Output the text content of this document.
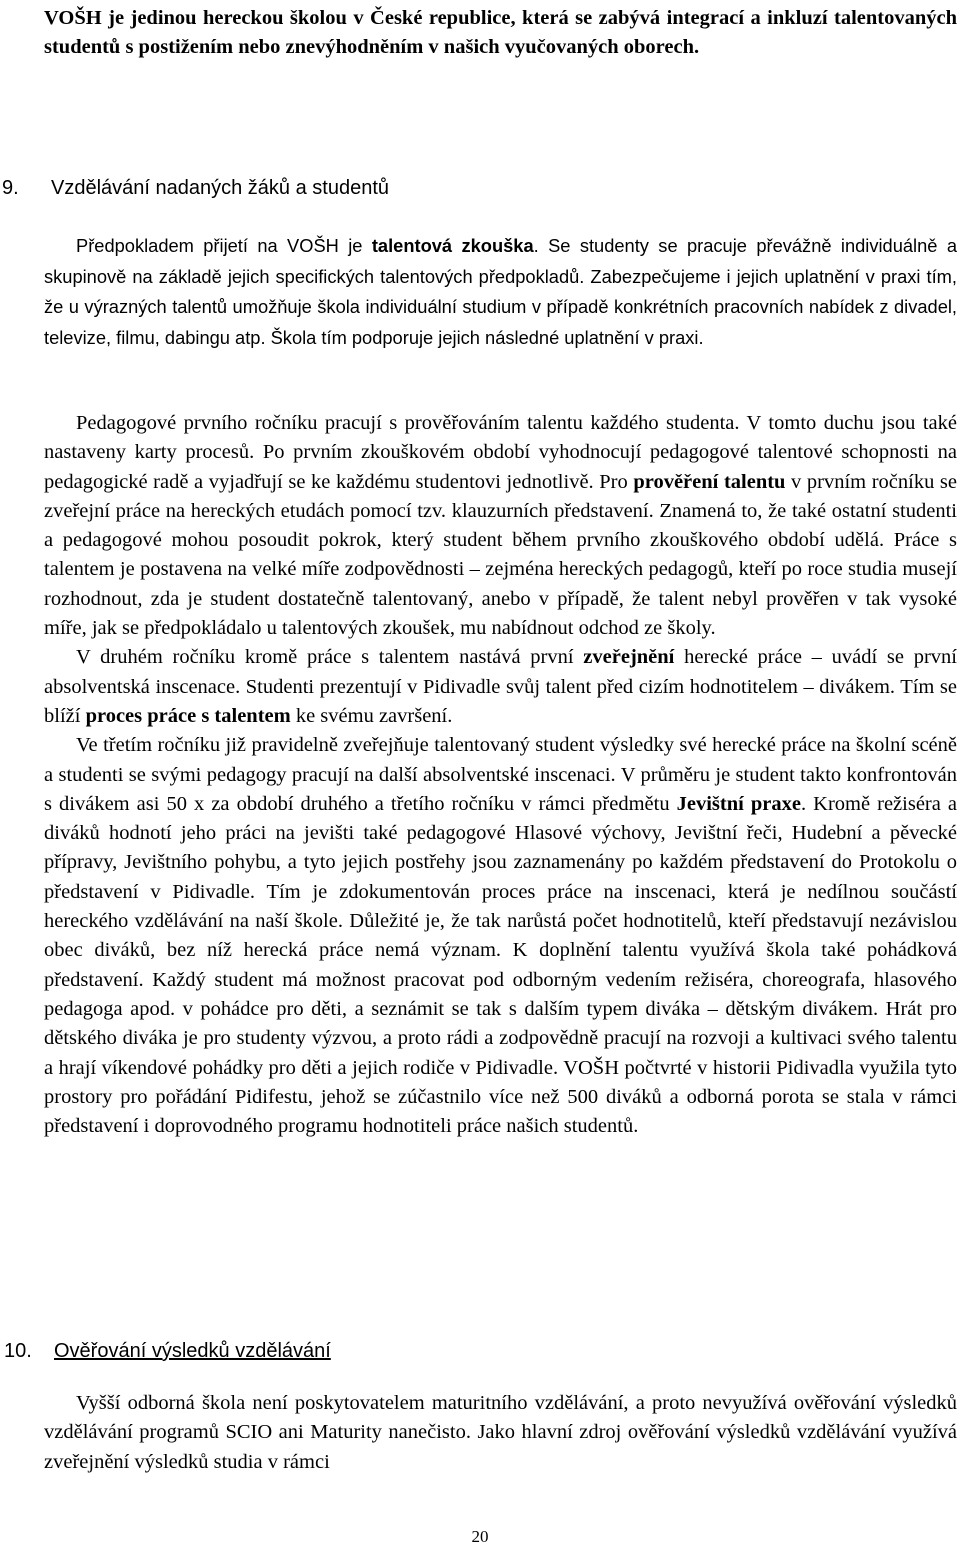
VOŠH je jedinou hereckou školou v České republice, která se zabývá integrací a inkluzí talentovaných studentů s postižením nebo znevýhodněním v našich vyučovaných oborech.

9. Vzdělávání nadaných žáků a studentů

Předpokladem přijetí na VOŠH je talentová zkouška. Se studenty se pracuje převážně individuálně a skupinově na základě jejich specifických talentových předpokladů. Zabezpečujeme i jejich uplatnění v praxi tím, že u výrazných talentů umožňuje škola individuální studium v případě konkrétních pracovních nabídek z divadel, televize, filmu, dabingu atp. Škola tím podporuje jejich následné uplatnění v praxi.

Pedagogové prvního ročníku pracují s prověřováním talentu každého studenta. V tomto duchu jsou také nastaveny karty procesů. Po prvním zkouškovém období vyhodnocují pedagogové talentové schopnosti na pedagogické radě a vyjadřují se ke každému studentovi jednotlivě. Pro prověření talentu v prvním ročníku se zveřejní práce na hereckých etudách pomocí tzv. klauzurních představení. Znamená to, že také ostatní studenti a pedagogové mohou posoudit pokrok, který student během prvního zkouškového období udělá. Práce s talentem je postavena na velké míře zodpovědnosti – zejména hereckých pedagogů, kteří po roce studia musejí rozhodnout, zda je student dostatečně talentovaný, anebo v případě, že talent nebyl prověřen v tak vysoké míře, jak se předpokládalo u talentových zkoušek, mu nabídnout odchod ze školy.

V druhém ročníku kromě práce s talentem nastává první zveřejnění herecké práce – uvádí se první absolventská inscenace. Studenti prezentují v Pidivadle svůj talent před cizím hodnotitelem – divákem. Tím se blíží proces práce s talentem ke svému završení.

Ve třetím ročníku již pravidelně zveřejňuje talentovaný student výsledky své herecké práce na školní scéně a studenti se svými pedagogy pracují na další absolventské inscenaci. V průměru je student takto konfrontován s divákem asi 50 x za období druhého a třetího ročníku v rámci předmětu Jevištní praxe. Kromě režiséra a diváků hodnotí jeho práci na jevišti také pedagogové Hlasové výchovy, Jevištní řeči, Hudební a pěvecké přípravy, Jevištního pohybu, a tyto jejich postřehy jsou zaznamenány po každém představení do Protokolu o představení v Pidivadle. Tím je zdokumentován proces práce na inscenaci, která je nedílnou součástí hereckého vzdělávání na naší škole. Důležité je, že tak narůstá počet hodnotitelů, kteří představují nezávislou obec diváků, bez níž herecká práce nemá význam. K doplnění talentu využívá škola také pohádková představení. Každý student má možnost pracovat pod odborným vedením režiséra, choreografa, hlasového pedagoga apod. v pohádce pro děti, a seznámit se tak s dalším typem diváka – dětským divákem. Hrát pro dětského diváka je pro studenty výzvou, a proto rádi a zodpovědně pracují na rozvoji a kultivaci svého talentu a hrají víkendové pohádky pro děti a jejich rodiče v Pidivadle. VOŠH počtvrté v historii Pidivadla využila tyto prostory pro pořádání Pidifestu, jehož se zúčastnilo více než 500 diváků a odborná porota se stala v rámci představení i doprovodného programu hodnotiteli práce našich studentů.

10. Ověřování výsledků vzdělávání

Vyšší odborná škola není poskytovatelem maturitního vzdělávání, a proto nevyužívá ověřování výsledků vzdělávání programů SCIO ani Maturity nanečisto. Jako hlavní zdroj ověřování výsledků vzdělávání využívá zveřejnění výsledků studia v rámci

20
